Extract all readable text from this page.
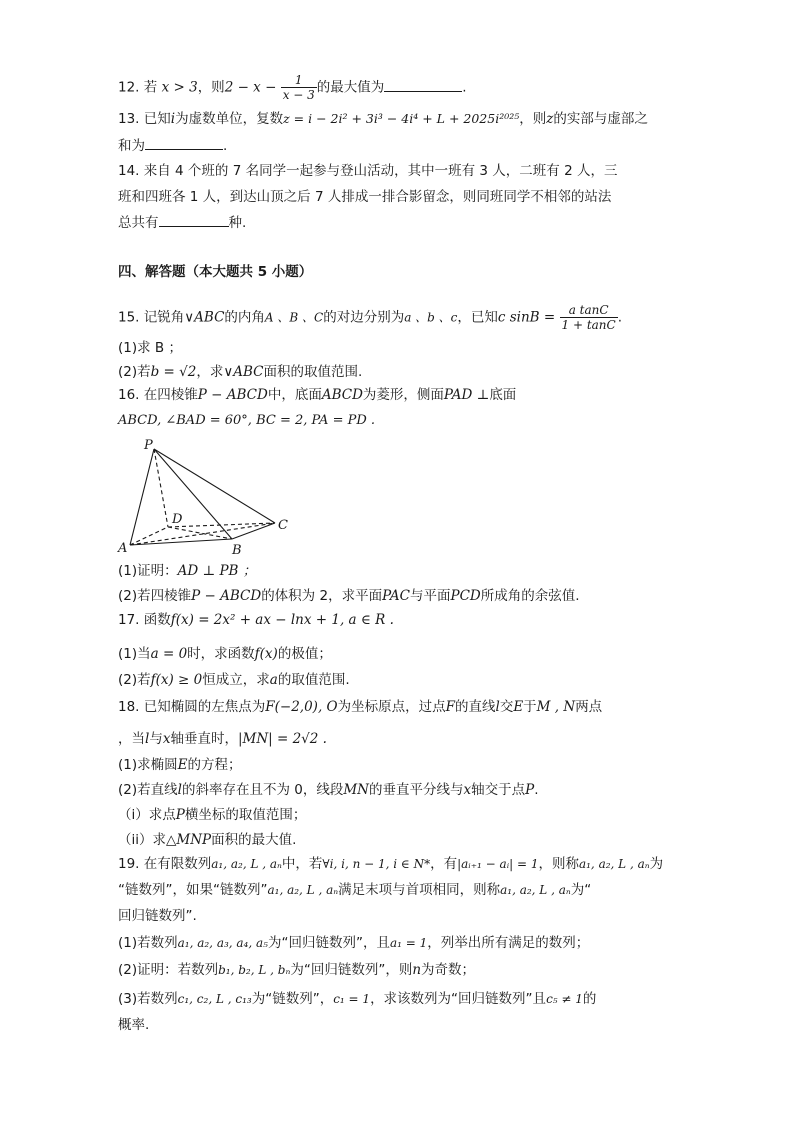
12. 若 x > 3，则$2 - x - \frac{1}{x - 3}$ 的最大值为	.
13. 已知i为虚数单位，复数z = i − 2i² + 3i³ − 4i⁴ + L + 2025i²⁰²⁵，则z的实部与虚部之
和为	.
14. 来自 4 个班的 7 名同学一起参与登山活动，其中一班有 3 人，二班有 2 人，三
班和四班各 1 人，到达山顶之后 7 人排成一排合影留念，则同班同学不相邻的站法
总共有	种.
四、解答题（本大题共 5 小题）
15. 记锐角∨ABC的内角A 、B 、C的对边分别为a 、b 、c，已知c $\sin B = \frac{\text{a tanC}}{1 + \tan C}$ .
(1)求 B ；
(2)若b = √2，求∨ABC面积的取值范围.
16. 在四棱锥P − ABCD中，底面ABCD为菱形，侧面PAD ⊥底面
ABCD, ∠BAD = 60°, BC = 2, PA = PD .
P
A	B
C
D
(1)证明：AD ⊥ PB ；
(2)若四棱锥P − ABCD的体积为 2，求平面PAC与平面PCD所成角的余弦值.
17. 函数f(x) = 2x² + ax − lnx + 1, a ∈ R .
(1)当a = 0时，求函数f(x)的极值；
(2)若f(x) ≥ 0恒成立，求a的取值范围.
18. 已知椭圆的左焦点为F(−2,0), O为坐标原点，过点F的直线l交E于M , N两点
，当l与x轴垂直时，|MN| = 2√2 .
(1)求椭圆E的方程；
(2)若直线l的斜率存在且不为 0，线段MN的垂直平分线与x轴交于点P.
（i）求点P横坐标的取值范围；
（ii）求△MNP面积的最大值.
19. 在有限数列a₁, a₂, L , aₙ中，若∀i, i, n − 1, i ∈ N*，有|aᵢ₊₁ − aᵢ| = 1，则称a₁, a₂, L , aₙ为
“链数列”，如果“链数列”a₁, a₂, L , aₙ满足末项与首项相同，则称a₁, a₂, L , aₙ为“
回归链数列”.
(1)若数列a₁, a₂, a₃, a₄, a₅为“回归链数列”，且a₁ = 1，列举出所有满足的数列；
(2)证明：若数列b₁, b₂, L , bₙ为“回归链数列”，则n为奇数；
(3)若数列c₁, c₂, L , c₁₃为“链数列”，c₁ = 1，求该数列为“回归链数列”且c₅ ≠ 1的
概率.
